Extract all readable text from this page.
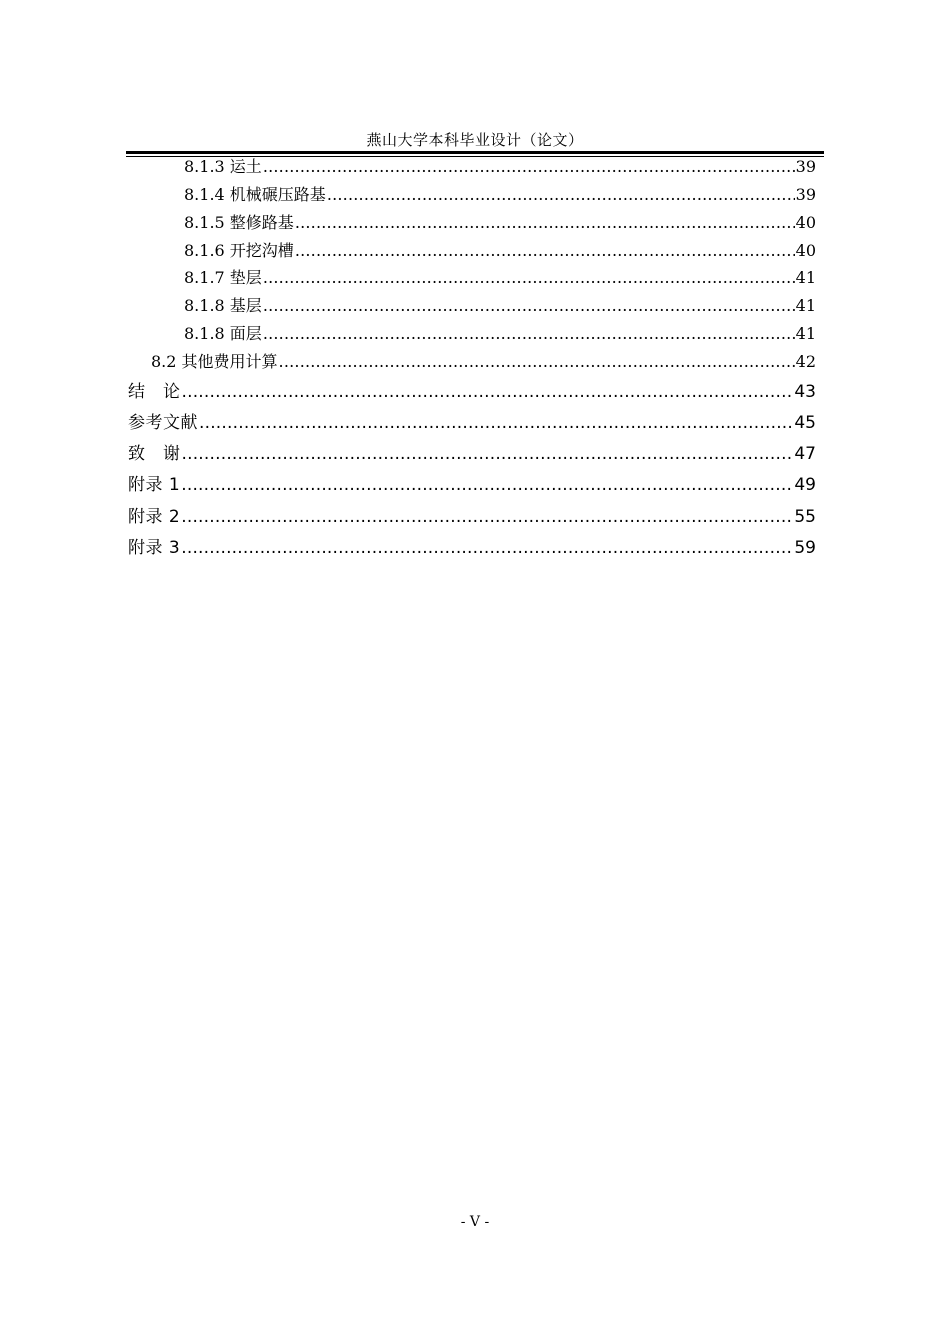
燕山大学本科毕业设计（论文）
8.1.3 运土 .....	39
8.1.4 机械碾压路基 .....	39
8.1.5 整修路基 .....	40
8.1.6 开挖沟槽 .....	40
8.1.7 垫层 .....	41
8.1.8 基层 .....	41
8.1.8 面层 .....	41
8.2 其他费用计算 .....	42
结　论 .....	43
参考文献 .....	45
致　谢 .....	47
附录 1 .....	49
附录 2 .....	55
附录 3 .....	59
- V -
